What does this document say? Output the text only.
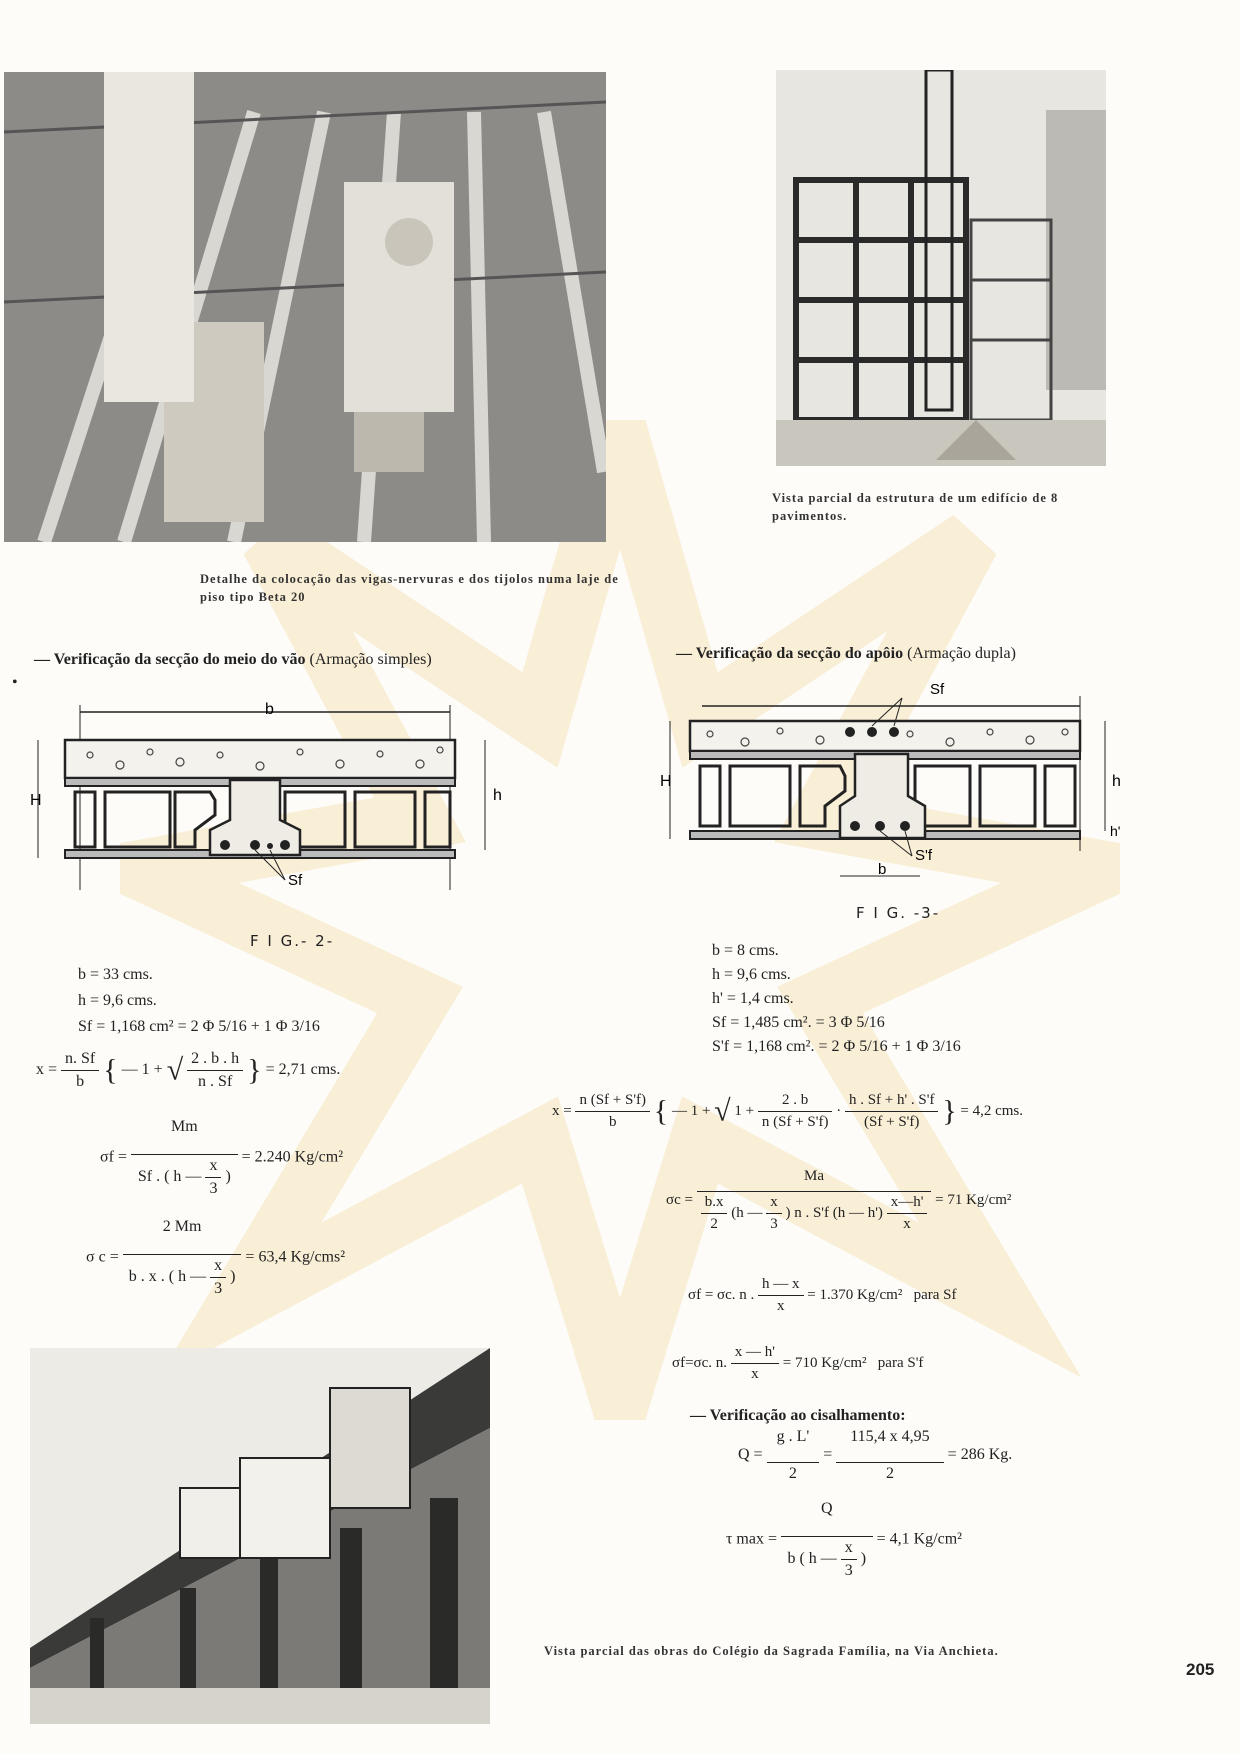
Vista parcial da estrutura de um edifício de 8 pavimentos.
Detalhe da colocação das vigas-nervuras e dos tijolos numa laje de piso tipo Beta 20
•
— Verificação da secção do meio do vão (Armação simples)
b
Sf
H	h
F I G.- 2-
b = 33 cms.
h = 9,6 cms.
Sf = 1,168 cm² = 2 Φ 5/16 + 1 Φ 3/16
$x = \frac{n. Sf}{b}$ { — 1 + √ $\frac{2 . b . h}{n . Sf}$ } = 2,71 cms.
$\sigma f = \frac{Mm}{Sf . ( h — \frac{x}{3} )} = 2.240$ Kg/cm²
σ $c = \frac{2 Mm}{b . x . ( h — \frac{x}{3} )} = 63,4$ Kg/cms²
Vista parcial das obras do Colégio da Sagrada Família, na Via Anchieta.
— Verificação da secção do apôio (Armação dupla)
Sf
S'f
b
H	h
h'
F I G. -3-
b = 8 cms.
h = 9,6 cms.
h' = 1,4 cms.
Sf = 1,485 cm². = 3 Φ 5/16
S'f = 1,168 cm². = 2 Φ 5/16 + 1 Φ 3/16
$x = \frac{n (Sf + S'f)}{b}$ { — 1 + √ $1 + \frac{2 . b}{n (Sf + S'f)} \cdot \frac{h . Sf + h' . S'f}{(Sf + S'f)}$ } = 4,2 cms.
$\sigma c = \frac{Ma}{\frac{b.x}{2} (h — \frac{x}{3} ) n . S'f (h — h') \frac{x—h'}{x}} = 71$ Kg/cm²
σf = σc. n . $\frac{h — x}{x} = 1.370$ Kg/cm² para Sf
σf=σc. n. $\frac{x — h'}{x} = 710$ Kg/cm² para S'f
— Verificação ao cisalhamento:
$Q = \frac{g . L'}{2} = \frac{115,4 x 4,95}{2} = 286$ Kg.
τ $\max = \frac{Q}{b ( h — \frac{x}{3} )} = 4,1$ Kg/cm²
205
